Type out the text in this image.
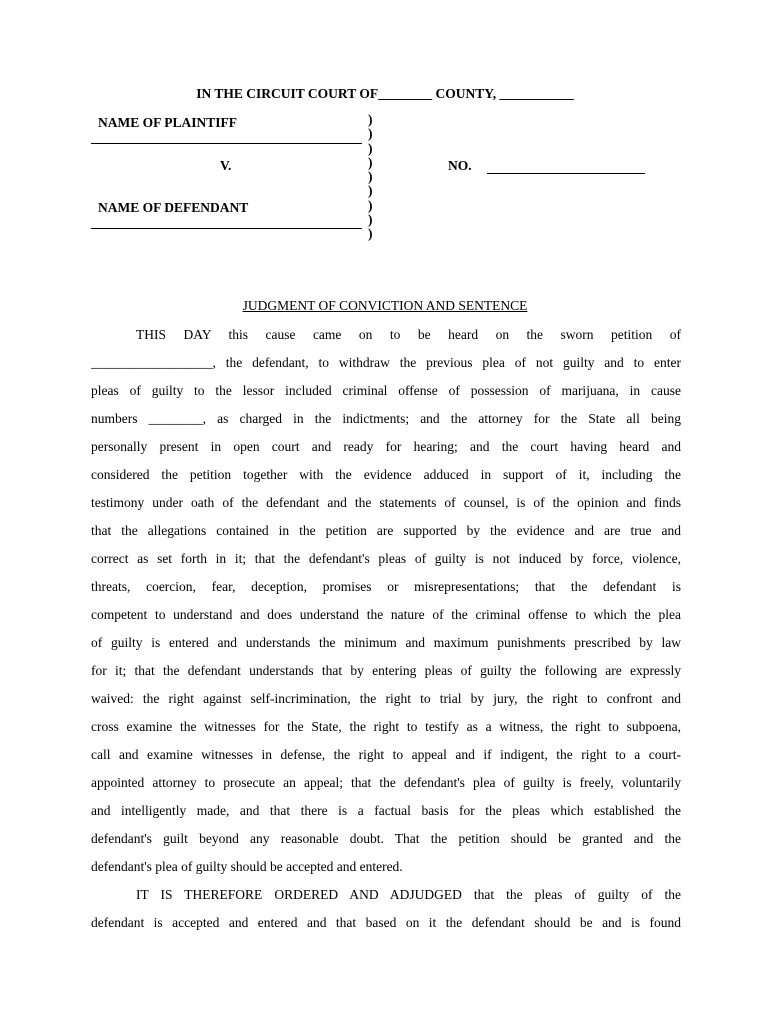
IN THE CIRCUIT COURT OF________ COUNTY, ___________
NAME OF PLAINTIFF
V.	NO.
NAME OF DEFENDANT
)
)
)
)
)
)
)
)
)
JUDGMENT OF CONVICTION AND SENTENCE
THIS DAY this cause came on to be heard on the sworn petition of
__________________, the defendant, to withdraw the previous plea of not guilty and to enter
pleas of guilty to the lessor included criminal offense of possession of marijuana, in cause
numbers ________, as charged in the indictments; and the attorney for the State all being
personally present in open court and ready for hearing; and the court having heard and
considered the petition together with the evidence adduced in support of it, including the
testimony under oath of the defendant and the statements of counsel, is of the opinion and finds
that the allegations contained in the petition are supported by the evidence and are true and
correct as set forth in it; that the defendant's pleas of guilty is not induced by force, violence,
threats, coercion, fear, deception, promises or misrepresentations; that the defendant is
competent to understand and does understand the nature of the criminal offense to which the plea
of guilty is entered and understands the minimum and maximum punishments prescribed by law
for it; that the defendant understands that by entering pleas of guilty the following are expressly
waived: the right against self-incrimination, the right to trial by jury, the right to confront and
cross examine the witnesses for the State, the right to testify as a witness, the right to subpoena,
call and examine witnesses in defense, the right to appeal and if indigent, the right to a court-
appointed attorney to prosecute an appeal; that the defendant's plea of guilty is freely, voluntarily
and intelligently made, and that there is a factual basis for the pleas which established the
defendant's guilt beyond any reasonable doubt. That the petition should be granted and the
defendant's plea of guilty should be accepted and entered.
IT IS THEREFORE ORDERED AND ADJUDGED that the pleas of guilty of the
defendant is accepted and entered and that based on it the defendant should be and is found
